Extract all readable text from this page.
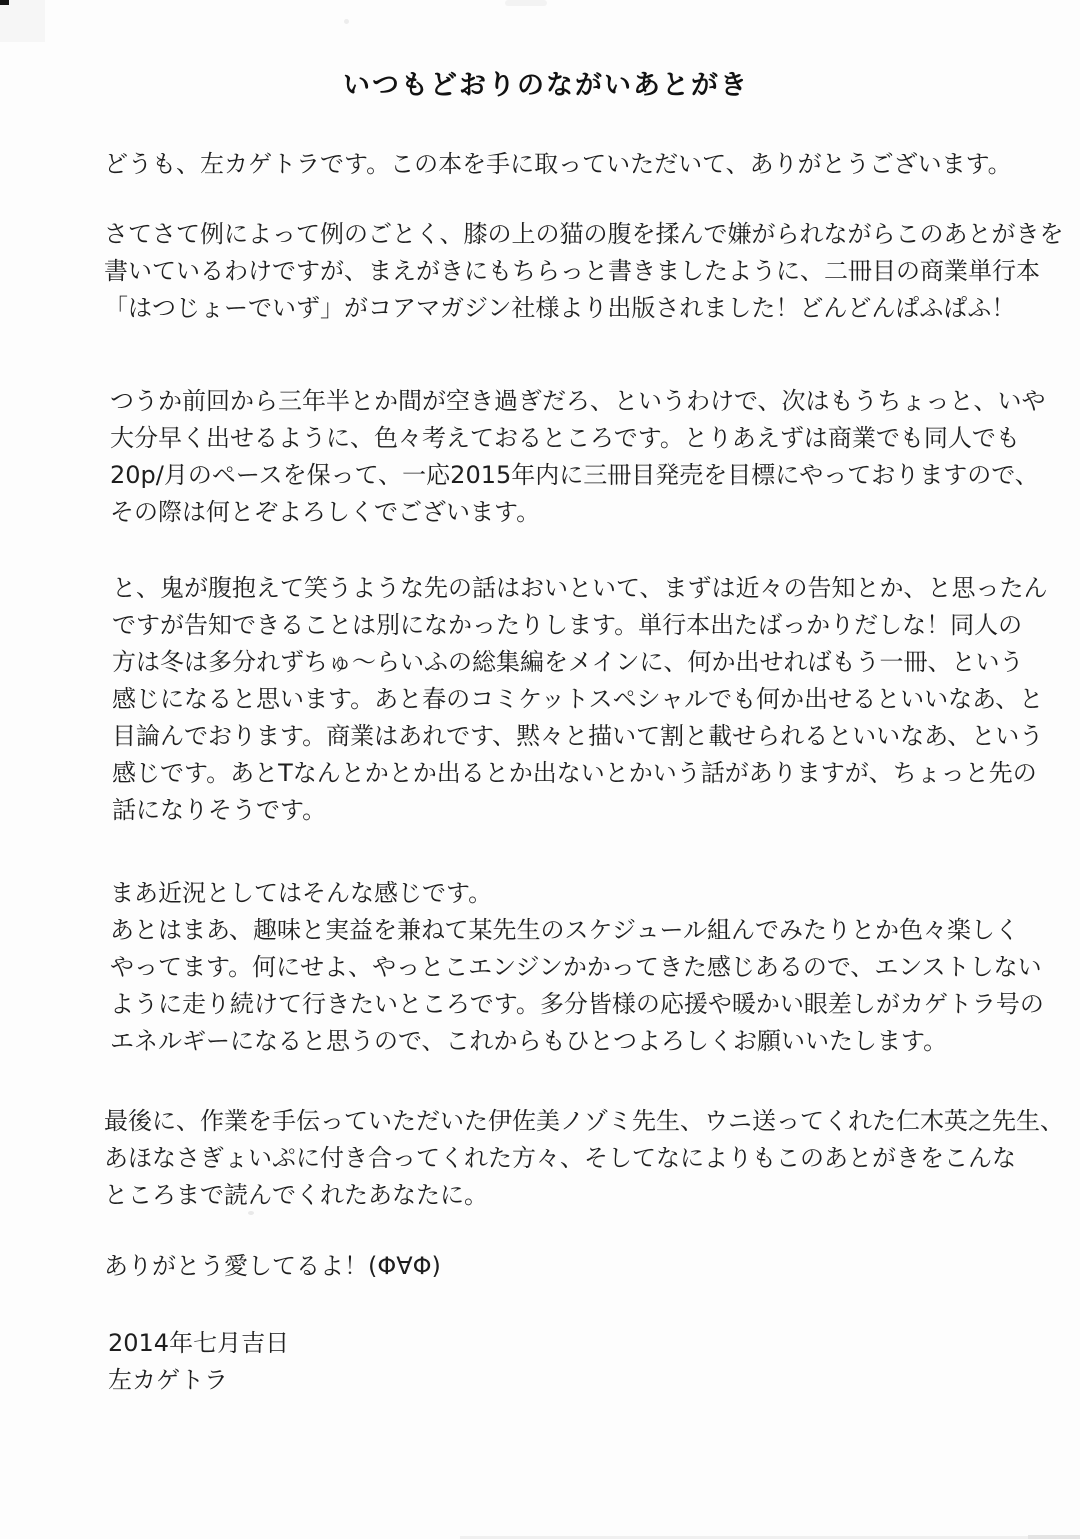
いつもどおりのながいあとがき

どうも、左カゲトラです。この本を手に取っていただいて、ありがとうございます。

さてさて例によって例のごとく、膝の上の猫の腹を揉んで嫌がられながらこのあとがきを
書いているわけですが、まえがきにもちらっと書きましたように、二冊目の商業単行本
「はつじょーでいず」がコアマガジン社様より出版されました！どんどんぱふぱふ！

つうか前回から三年半とか間が空き過ぎだろ、というわけで、次はもうちょっと、いや
大分早く出せるように、色々考えておるところです。とりあえずは商業でも同人でも
20p/月のペースを保って、一応2015年内に三冊目発売を目標にやっておりますので、
その際は何とぞよろしくでございます。

と、鬼が腹抱えて笑うような先の話はおいといて、まずは近々の告知とか、と思ったん
ですが告知できることは別になかったりします。単行本出たばっかりだしな！同人の
方は冬は多分れずちゅ～らいふの総集編をメインに、何か出せればもう一冊、という
感じになると思います。あと春のコミケットスペシャルでも何か出せるといいなあ、と
目論んでおります。商業はあれです、黙々と描いて割と載せられるといいなあ、という
感じです。あとTなんとかとか出るとか出ないとかいう話がありますが、ちょっと先の
話になりそうです。

まあ近況としてはそんな感じです。
あとはまあ、趣味と実益を兼ねて某先生のスケジュール組んでみたりとか色々楽しく
やってます。何にせよ、やっとこエンジンかかってきた感じあるので、エンストしない
ように走り続けて行きたいところです。多分皆様の応援や暖かい眼差しがカゲトラ号の
エネルギーになると思うので、これからもひとつよろしくお願いいたします。

最後に、作業を手伝っていただいた伊佐美ノゾミ先生、ウニ送ってくれた仁木英之先生、
あほなさぎょいぷに付き合ってくれた方々、そしてなによりもこのあとがきをこんな
ところまで読んでくれたあなたに。

ありがとう愛してるよ！(Φ∀Φ)

2014年七月吉日
左カゲトラ
